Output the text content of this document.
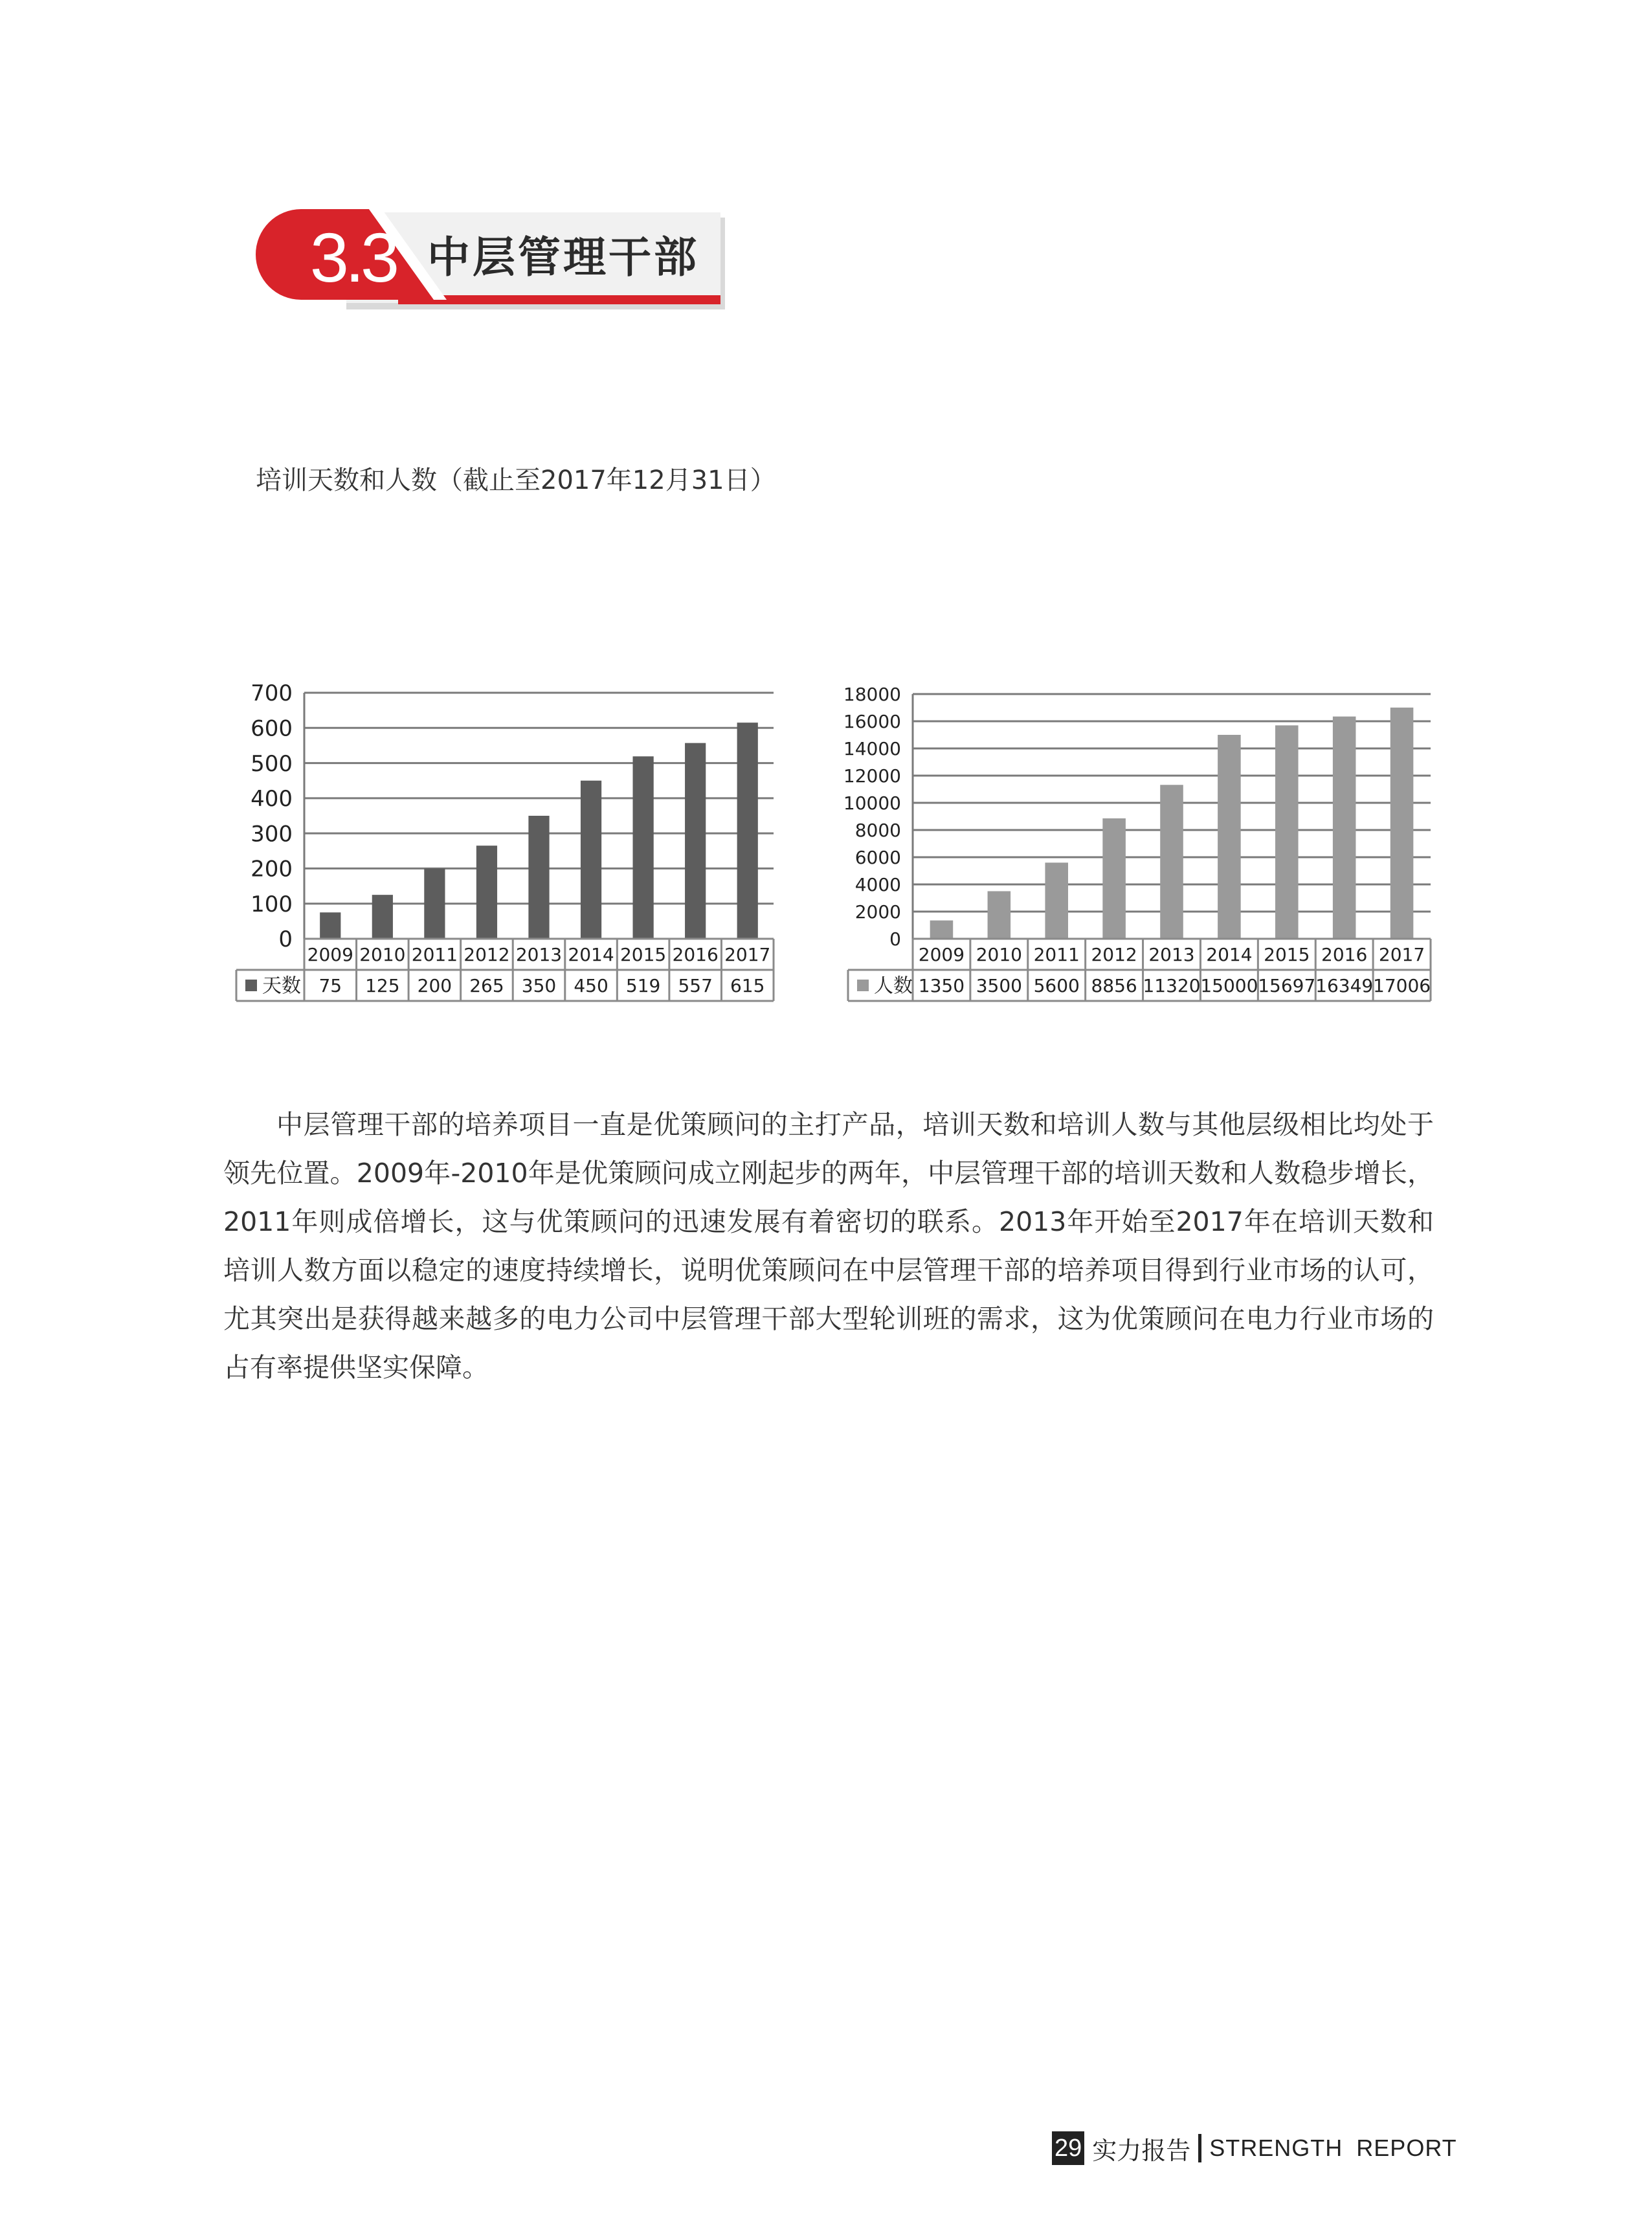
3.3 中层管理干部
培训天数和人数（截止至2017年12月31日）
0
100
200
300
400
500
600
700
2009 2010 2011 2012 2013 2014 2015 2016 2017
75 125 200 265 350 450 519 557 615
天数
0
2000
4000
6000
8000
10000
12000
14000
16000
18000
2009 2010 2011 2012 2013 2014 2015 2016 2017
1350 3500 5600 8856 11320 15000 15697 16349 17006
人数
中层管理干部的培养项目一直是优策顾问的主打产品，培训天数和培训人数与其他层级相比均处于领先位置。2009年-2010年是优策顾问成立刚起步的两年，中层管理干部的培训天数和人数稳步增长，2011年则成倍增长，这与优策顾问的迅速发展有着密切的联系。2013年开始至2017年在培训天数和培训人数方面以稳定的速度持续增长，说明优策顾问在中层管理干部的培养项目得到行业市场的认可，尤其突出是获得越来越多的电力公司中层管理干部大型轮训班的需求，这为优策顾问在电力行业市场的占有率提供坚实保障。
29 实力报告 STRENGTH REPORT
